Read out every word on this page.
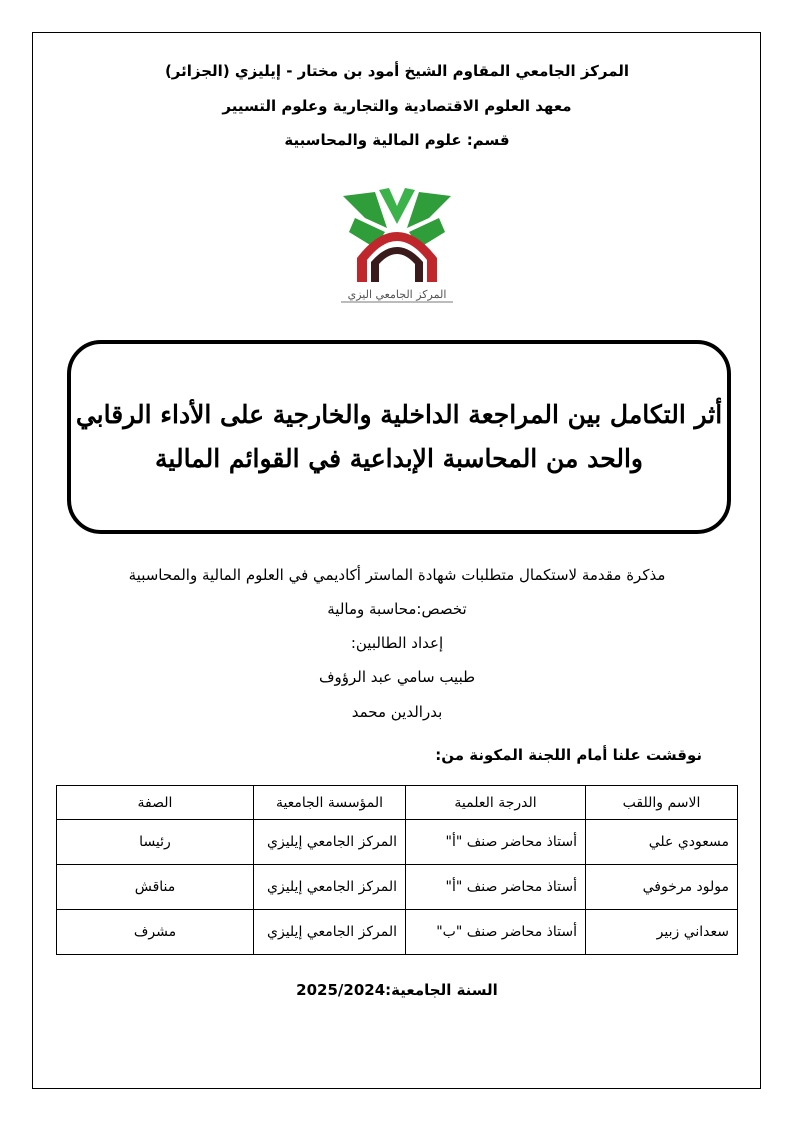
المركز الجامعي المقاوم الشيخ أمود بن مختار - إيليزي (الجزائر)
معهد العلوم الاقتصادية والتجارية وعلوم التسيير
قسم: علوم المالية والمحاسبية
المركز الجامعي اليزي
أثر التكامل بين المراجعة الداخلية والخارجية على الأداء الرقابي
والحد من المحاسبة الإبداعية في القوائم المالية
مذكرة مقدمة لاستكمال متطلبات شهادة الماستر أكاديمي في العلوم المالية والمحاسبية
تخصص:محاسبة ومالية
إعداد الطالبين:
طبيب سامي عبد الرؤوف
بدرالدين محمد
نوقشت علنا أمام اللجنة المكونة من:
الاسم واللقب	الدرجة العلمية	المؤسسة الجامعية	الصفة
مسعودي علي	أستاذ محاضر صنف "أ"	المركز الجامعي إيليزي	رئيسا
مولود مرخوفي	أستاذ محاضر صنف "أ"	المركز الجامعي إيليزي	مناقش
سعداني زبير	أستاذ محاضر صنف "ب"	المركز الجامعي إيليزي	مشرف
السنة الجامعية:2025/2024
